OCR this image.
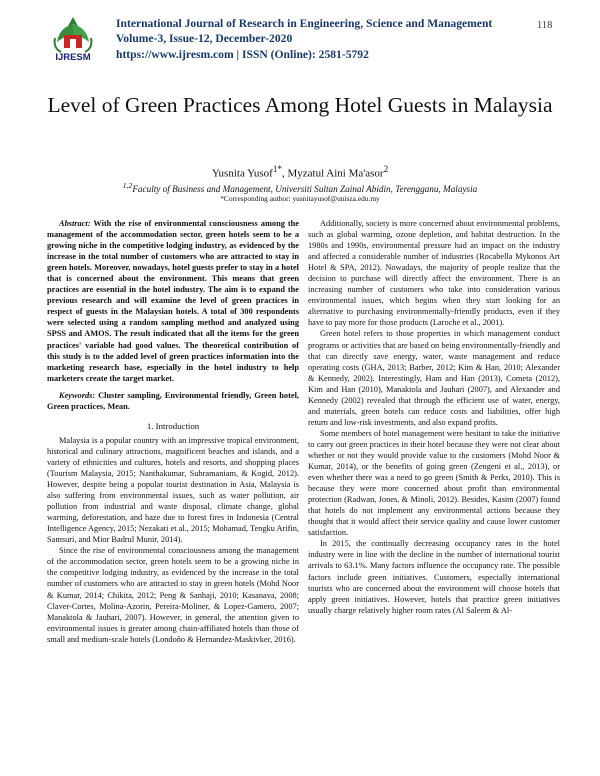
IJRESM
International Journal of Research in Engineering, Science and Management
Volume-3, Issue-12, December-2020
https://www.ijresm.com | ISSN (Online): 2581-5792
118
Level of Green Practices Among Hotel Guests in Malaysia
Yusnita Yusof$^{1*}$, Myzatul Aini Ma'asor$^2$
$^{1,2}$Faculty of Business and Management, Universiti Sultan Zainal Abidin, Terengganu, Malaysia
*Corresponding author: yusnitayusof@unisza.edu.my

Abstract: With the rise of environmental consciousness among the management of the accommodation sector, green hotels seem to be a growing niche in the competitive lodging industry, as evidenced by the increase in the total number of customers who are attracted to stay in green hotels. Moreover, nowadays, hotel guests prefer to stay in a hotel that is concerned about the environment. This means that green practices are essential in the hotel industry. The aim is to expand the previous research and will examine the level of green practices in respect of guests in the Malaysian hotels. A total of 300 respondents were selected using a random sampling method and analyzed using SPSS and AMOS. The result indicated that all the items for the green practices' variable had good values. The theoretical contribution of this study is to the added level of green practices information into the marketing research base, especially in the hotel industry to help marketers create the target market.

Keywords: Cluster sampling, Environmental friendly, Green hotel, Green practices, Mean.

1. Introduction

Malaysia is a popular country with an impressive tropical environment, historical and culinary attractions, magnificent beaches and islands, and a variety of ethnicities and cultures, hotels and resorts, and shopping places (Tourism Malaysia, 2015; Nanthakumar, Subramaniam, & Kogid, 2012). However, despite being a popular tourist destination in Asia, Malaysia is also suffering from environmental issues, such as water pollution, air pollution from industrial and waste disposal, climate change, global warming, deforestation, and haze due to forest fires in Indonesia (Central Intelligence Agency, 2015; Nezakati et al., 2015; Mohamad, Tengku Arifin, Samsuri, and Mior Badrul Munir, 2014).

Since the rise of environmental consciousness among the management of the accommodation sector, green hotels seem to be a growing niche in the competitive lodging industry, as evidenced by the increase in the total number of customers who are attracted to stay in green hotels (Mohd Noor & Kumar, 2014; Chikita, 2012; Peng & Sanhaji, 2010; Kasanava, 2008; Claver-Cortes, Molina-Azorin, Pereira-Moliner, & Lopez-Gamero, 2007; Manaktola & Jauhari, 2007). However, in general, the attention given to environmental issues is greater among chain-affiliated hotels than those of small and medium-scale hotels (Londoño & Hernandez-Maskivker, 2016).

Additionally, society is more concerned about environmental problems, such as global warming, ozone depletion, and habitat destruction. In the 1980s and 1990s, environmental pressure had an impact on the industry and affected a considerable number of industries (Rocabella Mykonos Art Hotel & SPA, 2012). Nowadays, the majority of people realize that the decision to purchase will directly affect the environment. There is an increasing number of customers who take into consideration various environmental issues, which begins when they start looking for an alternative to purchasing environmentally-friendly products, even if they have to pay more for those products (Laroche et al., 2001).

Green hotel refers to those properties in which management conduct programs or activities that are based on being environmentally-friendly and that can directly save energy, water, waste management and reduce operating costs (GHA, 2013; Barber, 2012; Kim & Han, 2010; Alexander & Kennedy, 2002). Interestingly, Ham and Han (2013), Cometa (2012), Kim and Han (2010), Manaktola and Jauhari (2007), and Alexander and Kennedy (2002) revealed that through the efficient use of water, energy, and materials, green hotels can reduce costs and liabilities, offer high return and low-risk investments, and also expand profits.

Some members of hotel management were hesitant to take the initiative to carry out green practices in their hotel because they were not clear about whether or not they would provide value to the customers (Mohd Noor & Kumar, 2014), or the benefits of going green (Zengeni et al., 2013), or even whether there was a need to go green (Smith & Perks, 2010). This is because they were more concerned about profit than environmental protection (Radwan, Jones, & Minoli, 2012). Besides, Kasim (2007) found that hotels do not implement any environmental actions because they thought that it would affect their service quality and cause lower customer satisfaction.

In 2015, the continually decreasing occupancy rates in the hotel industry were in line with the decline in the number of international tourist arrivals to 63.1%. Many factors influence the occupancy rate. The possible factors include green initiatives. Customers, especially international tourists who are concerned about the environment will choose hotels that apply green initiatives. However, hotels that practice green initiatives usually charge relatively higher room rates (Al Saleem & Al-
